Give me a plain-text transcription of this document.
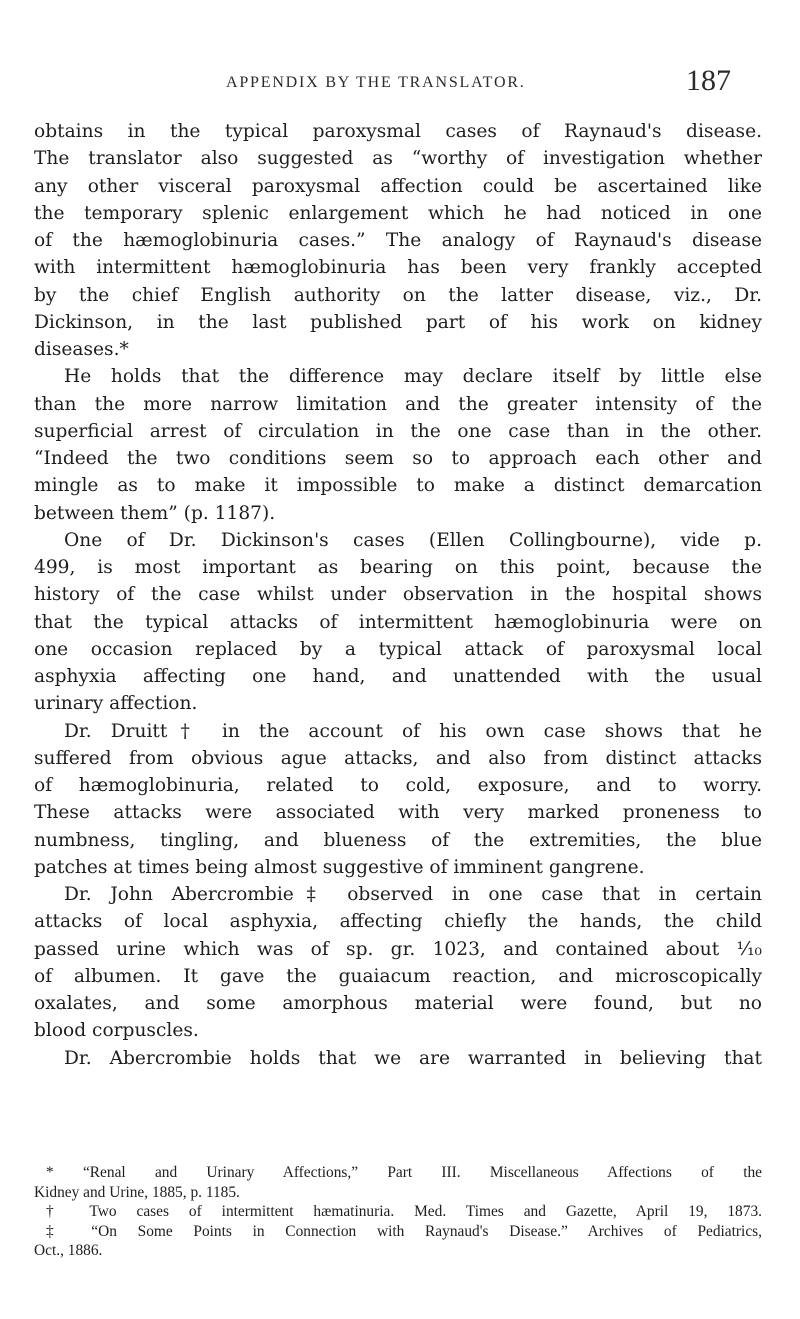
APPENDIX BY THE TRANSLATOR.	187
obtains in the typical paroxysmal cases of Raynaud's disease.
The translator also suggested as “worthy of investigation whether
any other visceral paroxysmal affection could be ascertained like
the temporary splenic enlargement which he had noticed in one
of the hæmoglobinuria cases.” The analogy of Raynaud's disease
with intermittent hæmoglobinuria has been very frankly accepted
by the chief English authority on the latter disease, viz., Dr.
Dickinson, in the last published part of his work on kidney
diseases.*
He holds that the difference may declare itself by little else
than the more narrow limitation and the greater intensity of the
superficial arrest of circulation in the one case than in the other.
“Indeed the two conditions seem so to approach each other and
mingle as to make it impossible to make a distinct demarcation
between them” (p. 1187).
One of Dr. Dickinson's cases (Ellen Collingbourne), vide p.
499, is most important as bearing on this point, because the
history of the case whilst under observation in the hospital shows
that the typical attacks of intermittent hæmoglobinuria were on
one occasion replaced by a typical attack of paroxysmal local
asphyxia affecting one hand, and unattended with the usual
urinary affection.
Dr. Druitt† in the account of his own case shows that he
suffered from obvious ague attacks, and also from distinct attacks
of hæmoglobinuria, related to cold, exposure, and to worry.
These attacks were associated with very marked proneness to
numbness, tingling, and blueness of the extremities, the blue
patches at times being almost suggestive of imminent gangrene.
Dr. John Abercrombie‡ observed in one case that in certain
attacks of local asphyxia, affecting chiefly the hands, the child
passed urine which was of sp. gr. 1023, and contained about ¹⁄₁₀
of albumen. It gave the guaiacum reaction, and microscopically
oxalates, and some amorphous material were found, but no
blood corpuscles.
Dr. Abercrombie holds that we are warranted in believing that
* “Renal and Urinary Affections,” Part III. Miscellaneous Affections of the
Kidney and Urine, 1885, p. 1185.
† Two cases of intermittent hæmatinuria. Med. Times and Gazette, April 19, 1873.
‡ “On Some Points in Connection with Raynaud's Disease.” Archives of Pediatrics,
Oct., 1886.
